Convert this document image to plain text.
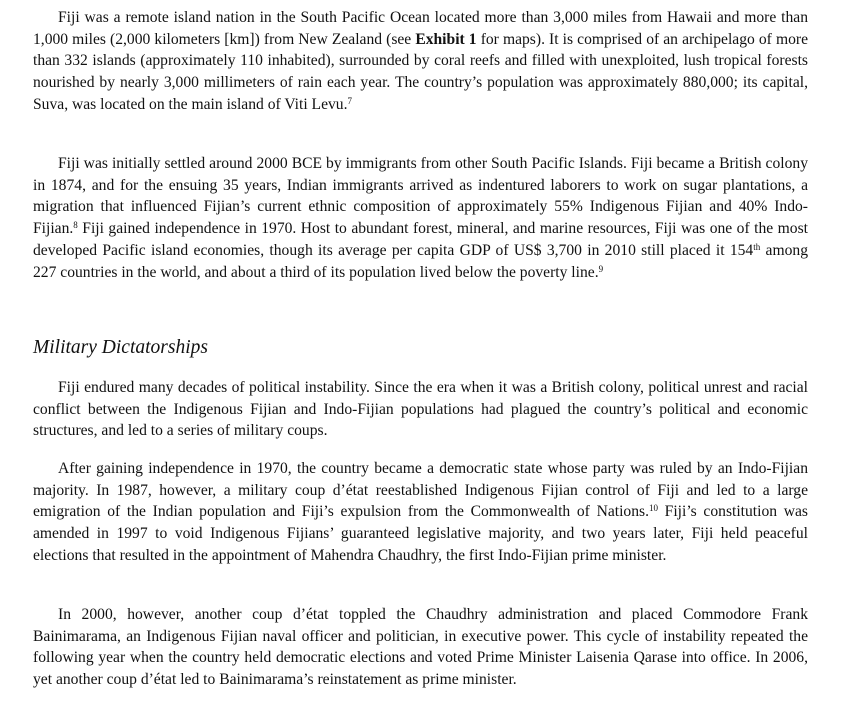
Fiji was a remote island nation in the South Pacific Ocean located more than 3,000 miles from Hawaii and more than 1,000 miles (2,000 kilometers [km]) from New Zealand (see Exhibit 1 for maps). It is comprised of an archipelago of more than 332 islands (approximately 110 inhabited), surrounded by coral reefs and filled with unexploited, lush tropical forests nourished by nearly 3,000 millimeters of rain each year. The country’s population was approximately 880,000; its capital, Suva, was located on the main island of Viti Levu.$^7$

Fiji was initially settled around 2000 BCE by immigrants from other South Pacific Islands. Fiji became a British colony in 1874, and for the ensuing 35 years, Indian immigrants arrived as indentured laborers to work on sugar plantations, a migration that influenced Fijian’s current ethnic composition of approximately 55% Indigenous Fijian and 40% Indo-Fijian.$^8$ Fiji gained independence in 1970. Host to abundant forest, mineral, and marine resources, Fiji was one of the most developed Pacific island economies, though its average per capita GDP of US$ 3,700 in 2010 still placed it 154th among 227 countries in the world, and about a third of its population lived below the poverty line.$^9$

Military Dictatorships

Fiji endured many decades of political instability. Since the era when it was a British colony, political unrest and racial conflict between the Indigenous Fijian and Indo-Fijian populations had plagued the country’s political and economic structures, and led to a series of military coups.

After gaining independence in 1970, the country became a democratic state whose party was ruled by an Indo-Fijian majority. In 1987, however, a military coup d’état reestablished Indigenous Fijian control of Fiji and led to a large emigration of the Indian population and Fiji’s expulsion from the Commonwealth of Nations.$^{10}$ Fiji’s constitution was amended in 1997 to void Indigenous Fijians’ guaranteed legislative majority, and two years later, Fiji held peaceful elections that resulted in the appointment of Mahendra Chaudhry, the first Indo-Fijian prime minister.

In 2000, however, another coup d’état toppled the Chaudhry administration and placed Commodore Frank Bainimarama, an Indigenous Fijian naval officer and politician, in executive power. This cycle of instability repeated the following year when the country held democratic elections and voted Prime Minister Laisenia Qarase into office. In 2006, yet another coup d’état led to Bainimarama’s reinstatement as prime minister.
